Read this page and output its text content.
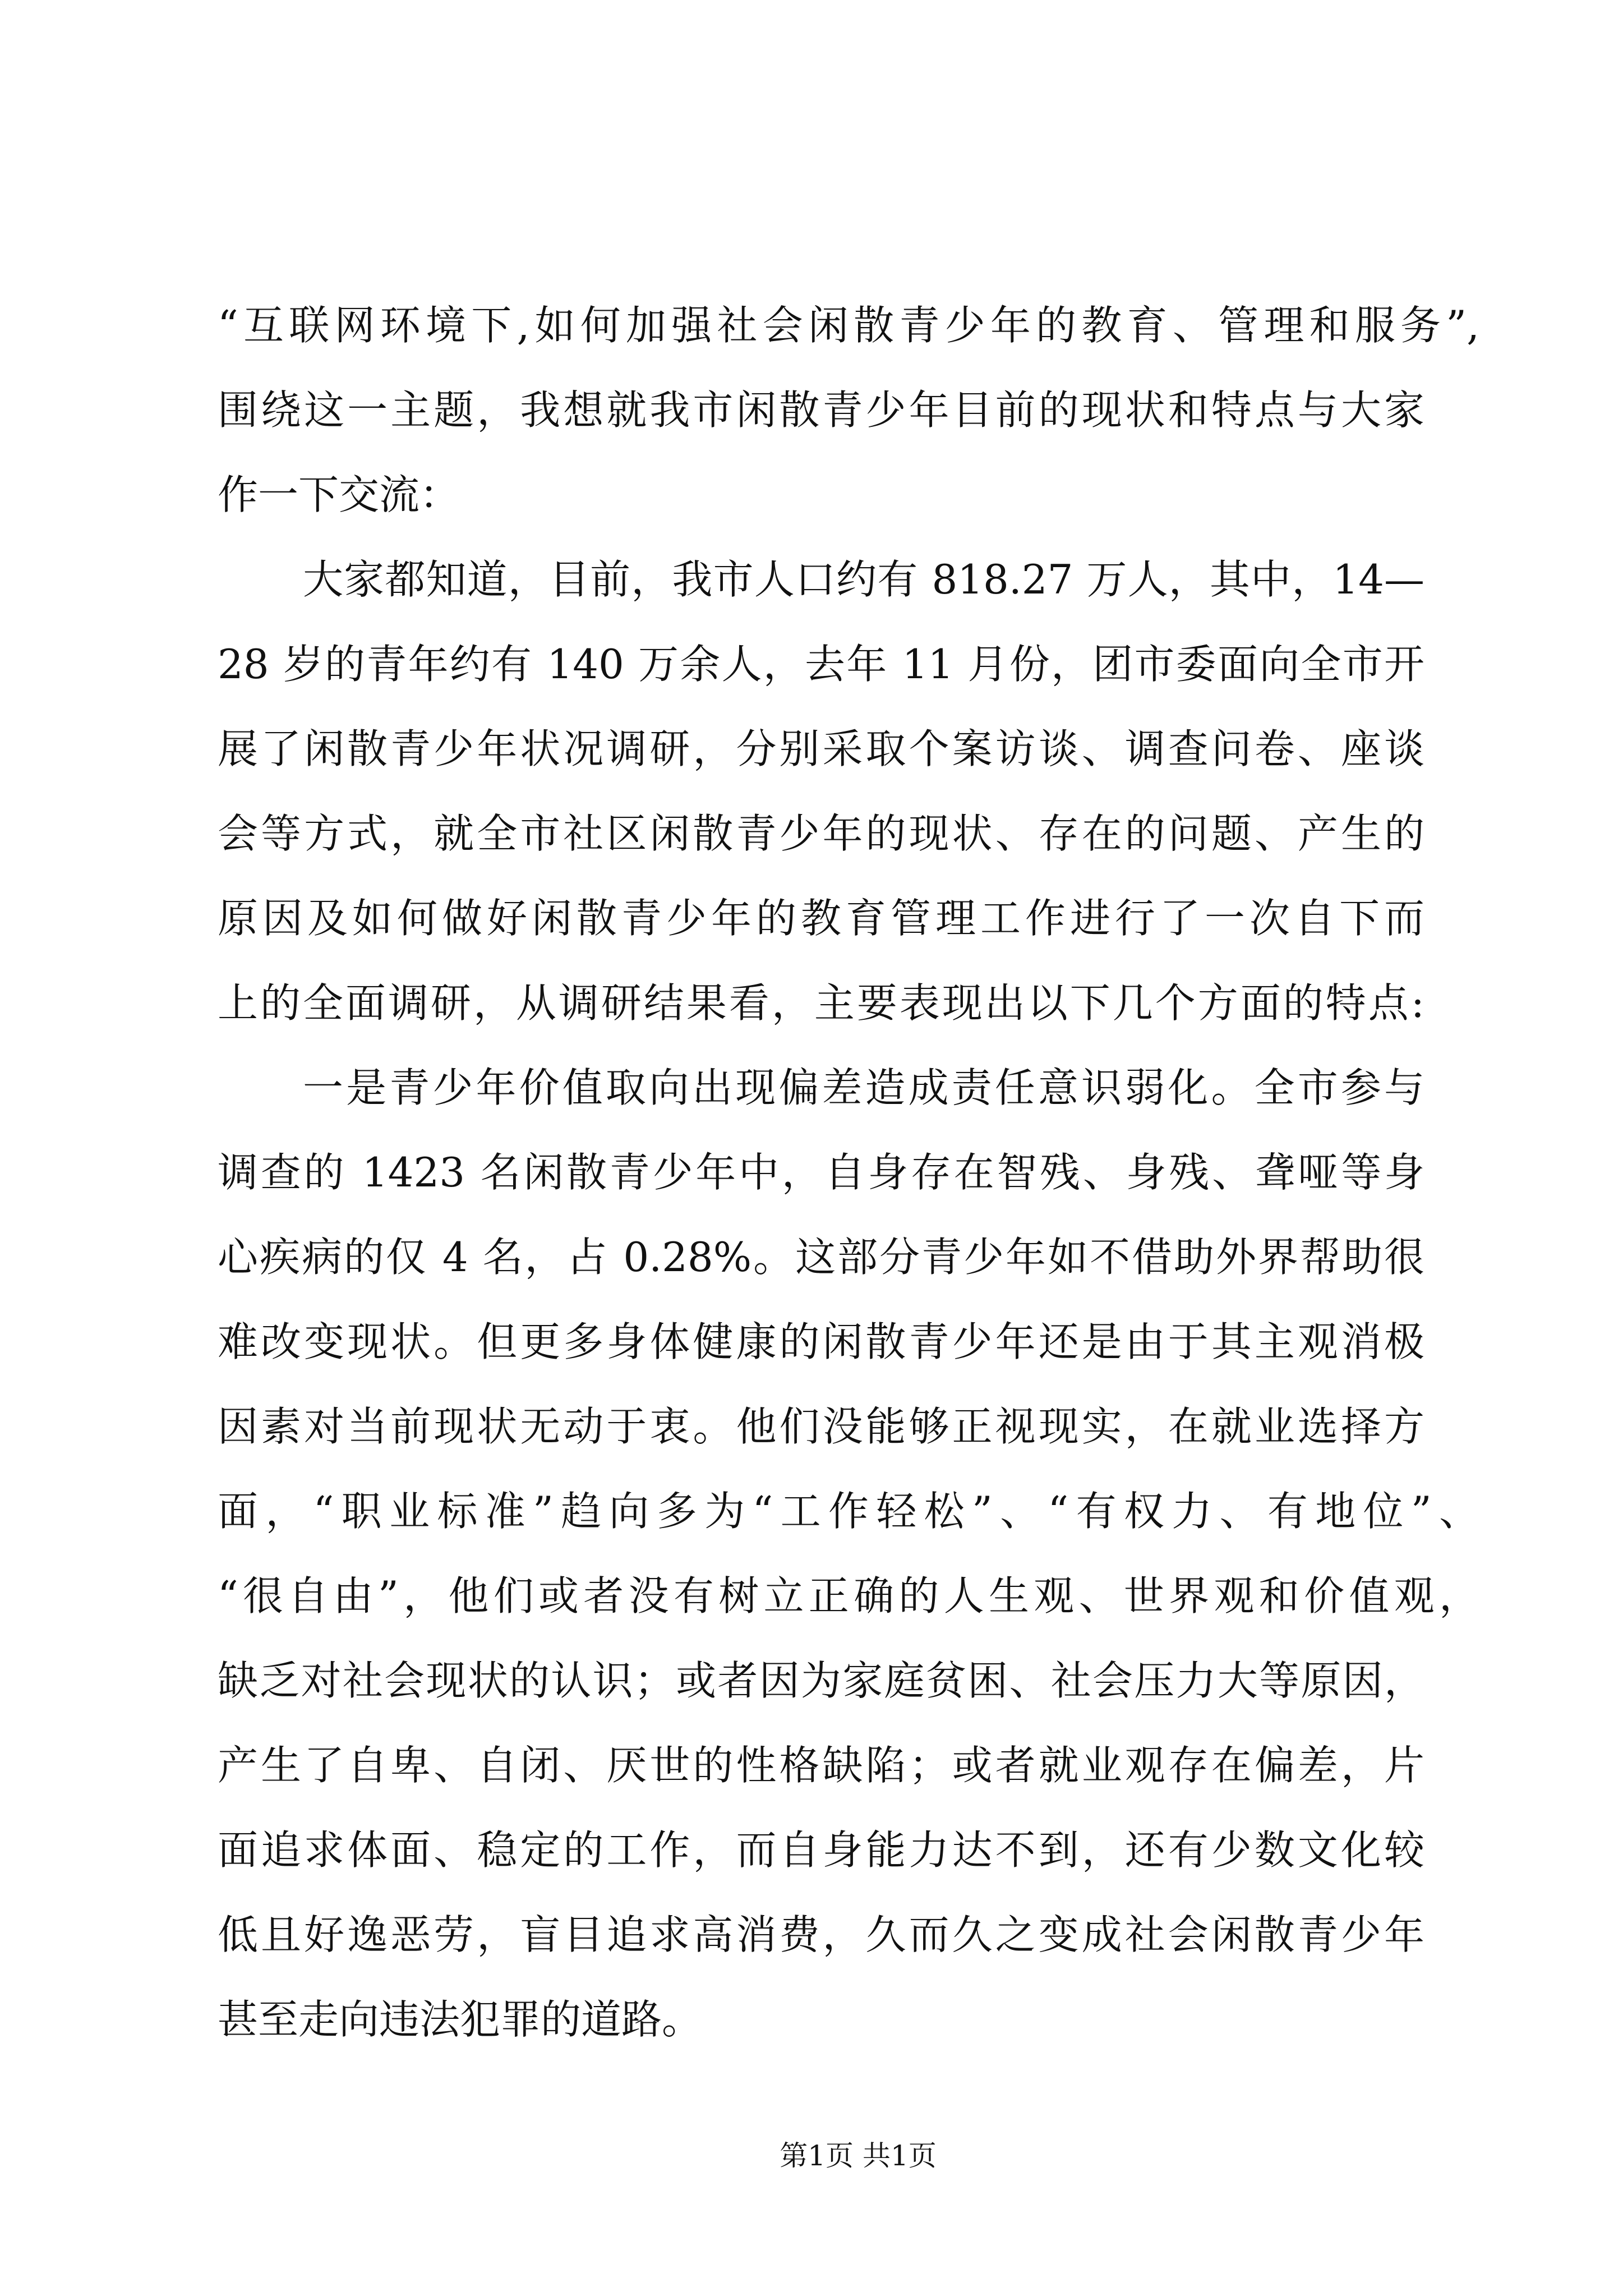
“互联网环境下,如何加强社会闲散青少年的教育、管理和服务”,
围绕这一主题，我想就我市闲散青少年目前的现状和特点与大家
作一下交流：
大家都知道，目前，我市人口约有 818.27 万人，其中，14—
28 岁的青年约有 140 万余人，去年 11 月份，团市委面向全市开
展了闲散青少年状况调研，分别采取个案访谈、调查问卷、座谈
会等方式，就全市社区闲散青少年的现状、存在的问题、产生的
原因及如何做好闲散青少年的教育管理工作进行了一次自下而
上的全面调研，从调研结果看，主要表现出以下几个方面的特点:
一是青少年价值取向出现偏差造成责任意识弱化。全市参与
调查的 1423 名闲散青少年中，自身存在智残、身残、聋哑等身
心疾病的仅 4 名，占 0.28%。这部分青少年如不借助外界帮助很
难改变现状。但更多身体健康的闲散青少年还是由于其主观消极
因素对当前现状无动于衷。他们没能够正视现实，在就业选择方
面，“职业标准”趋向多为“工作轻松”、“有权力、有地位”、
“很自由”，他们或者没有树立正确的人生观、世界观和价值观，
缺乏对社会现状的认识；或者因为家庭贫困、社会压力大等原因，
产生了自卑、自闭、厌世的性格缺陷；或者就业观存在偏差，片
面追求体面、稳定的工作，而自身能力达不到，还有少数文化较
低且好逸恶劳，盲目追求高消费，久而久之变成社会闲散青少年
甚至走向违法犯罪的道路。
第1页 共1页
